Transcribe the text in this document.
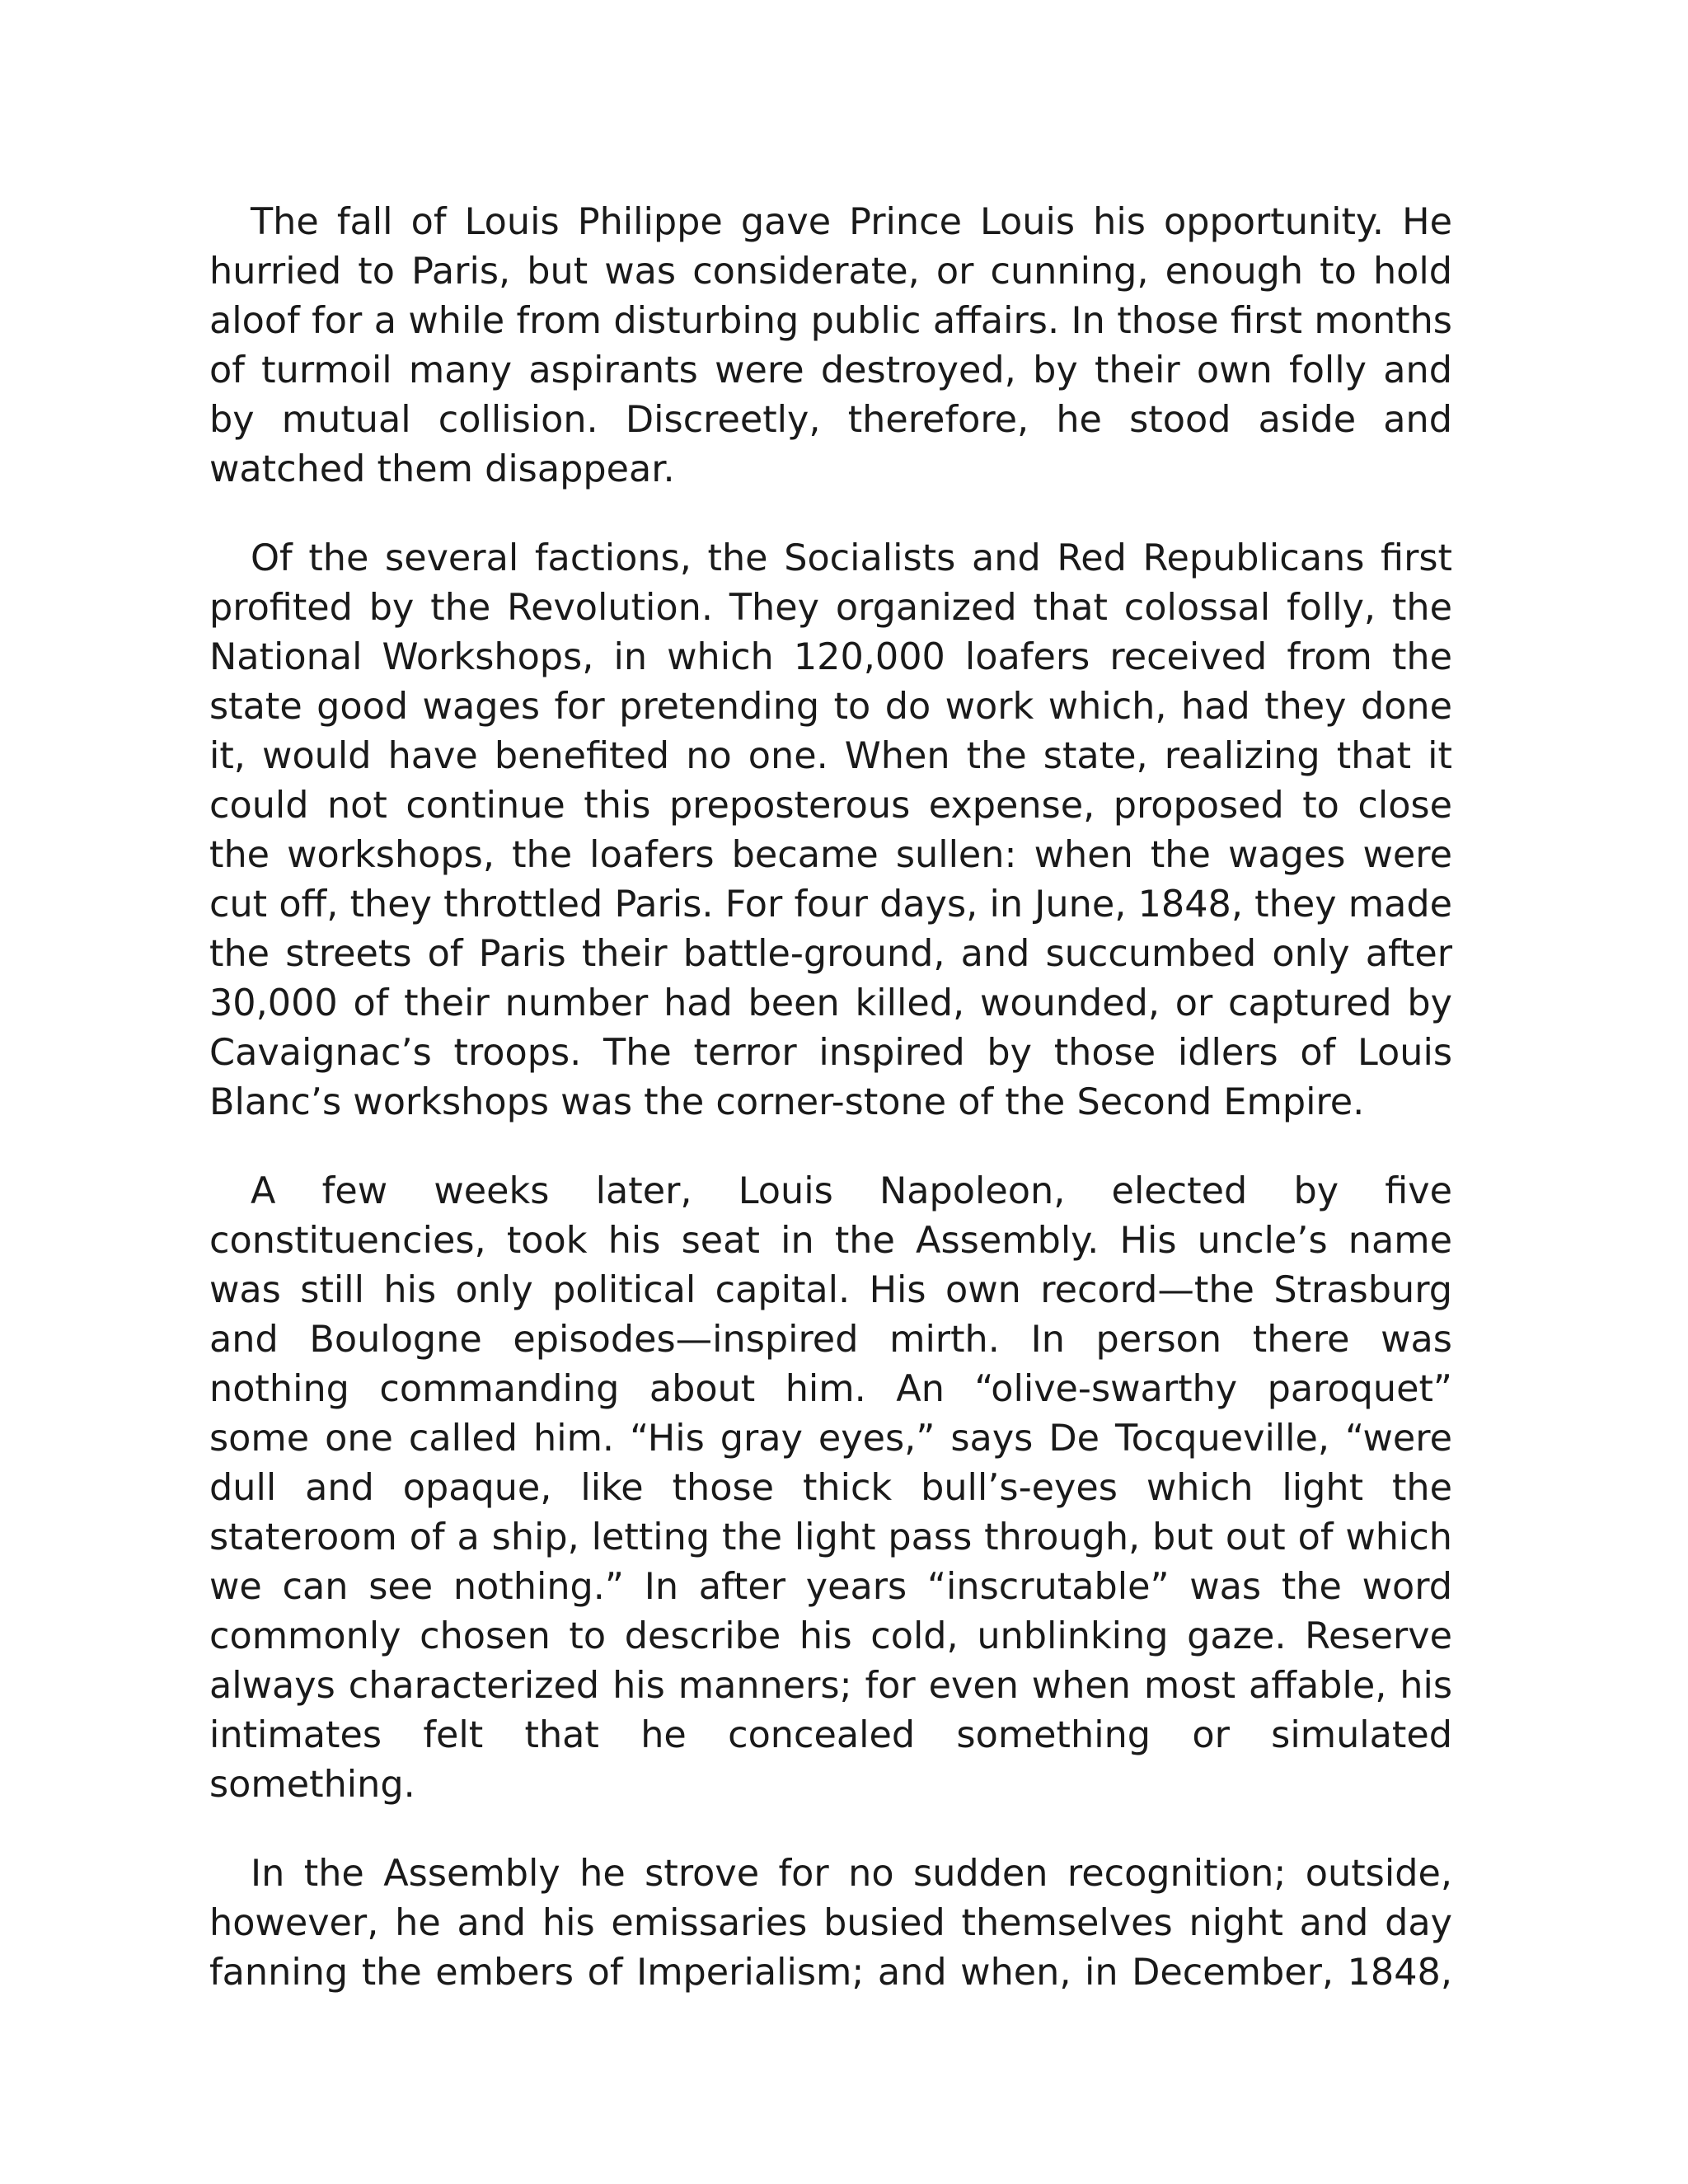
The fall of Louis Philippe gave Prince Louis his opportunity. He hurried to Paris, but was considerate, or cunning, enough to hold aloof for a while from disturbing public affairs. In those first months of turmoil many aspirants were destroyed, by their own folly and by mutual collision. Discreetly, therefore, he stood aside and watched them disappear.

Of the several factions, the Socialists and Red Republicans first profited by the Revolution. They organized that colossal folly, the National Workshops, in which 120,000 loafers received from the state good wages for pretending to do work which, had they done it, would have benefited no one. When the state, realizing that it could not continue this preposterous expense, proposed to close the workshops, the loafers became sullen: when the wages were cut off, they throttled Paris. For four days, in June, 1848, they made the streets of Paris their battle-ground, and succumbed only after 30,000 of their number had been killed, wounded, or captured by Cavaignac’s troops. The terror inspired by those idlers of Louis Blanc’s workshops was the corner-stone of the Second Empire.

A few weeks later, Louis Napoleon, elected by five constituencies, took his seat in the Assembly. His uncle’s name was still his only political capital. His own record—the Strasburg and Boulogne episodes—inspired mirth. In person there was nothing commanding about him. An “olive-swarthy paroquet” some one called him. “His gray eyes,” says De Tocqueville, “were dull and opaque, like those thick bull’s-eyes which light the stateroom of a ship, letting the light pass through, but out of which we can see nothing.” In after years “inscrutable” was the word commonly chosen to describe his cold, unblinking gaze. Reserve always characterized his manners; for even when most affable, his intimates felt that he concealed something or simulated something.

In the Assembly he strove for no sudden recognition; outside, however, he and his emissaries busied themselves night and day fanning the embers of Imperialism; and when, in December, 1848,
